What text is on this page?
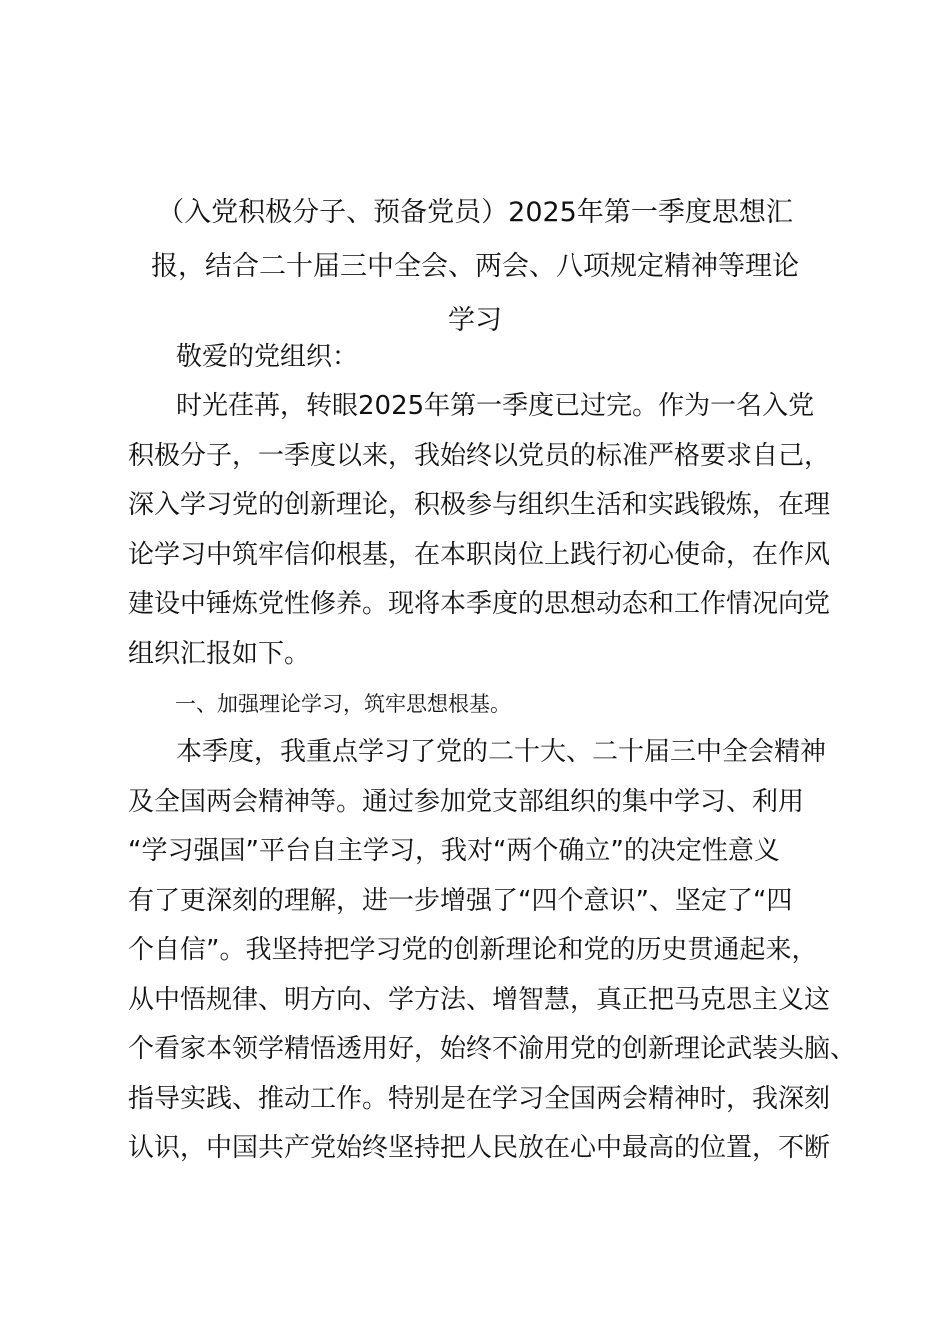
（入党积极分子、预备党员）2025年第一季度思想汇
报，结合二十届三中全会、两会、八项规定精神等理论
学习
敬爱的党组织：
时光荏苒，转眼2025年第一季度已过完。作为一名入党
积极分子，一季度以来，我始终以党员的标准严格要求自己，
深入学习党的创新理论，积极参与组织生活和实践锻炼，在理
论学习中筑牢信仰根基，在本职岗位上践行初心使命，在作风
建设中锤炼党性修养。现将本季度的思想动态和工作情况向党
组织汇报如下。
一、加强理论学习，筑牢思想根基。
本季度，我重点学习了党的二十大、二十届三中全会精神
及全国两会精神等。通过参加党支部组织的集中学习、利用
“学习强国”平台自主学习，我对“两个确立”的决定性意义
有了更深刻的理解，进一步增强了“四个意识”、坚定了“四
个自信”。我坚持把学习党的创新理论和党的历史贯通起来，
从中悟规律、明方向、学方法、增智慧，真正把马克思主义这
个看家本领学精悟透用好，始终不渝用党的创新理论武装头脑、
指导实践、推动工作。特别是在学习全国两会精神时，我深刻
认识，中国共产党始终坚持把人民放在心中最高的位置，不断
